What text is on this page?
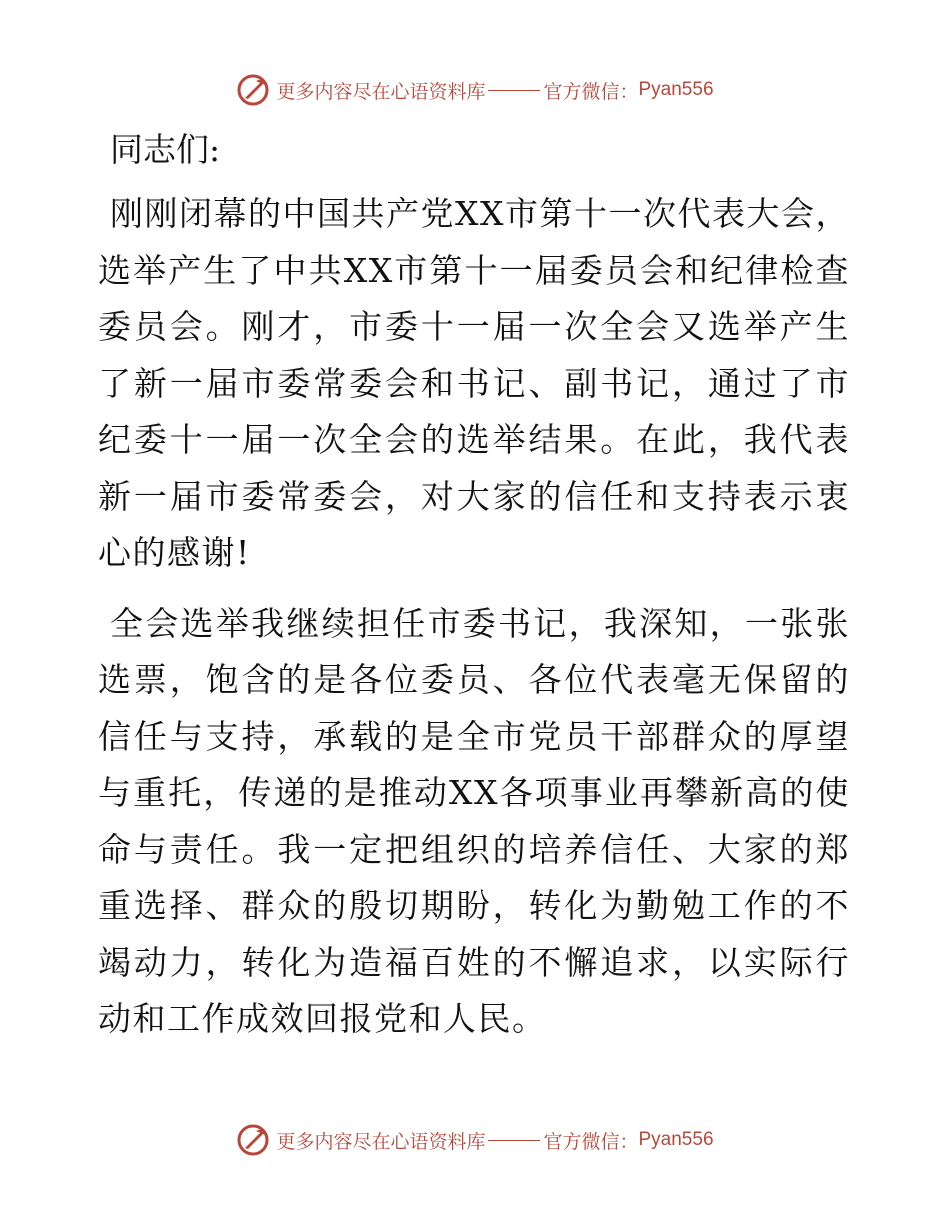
更多内容尽在心语资料库	官方微信： Pyan556

同志们:

刚刚闭幕的中国共产党XX市第十一次代表大会，选举产生了中共XX市第十一届委员会和纪律检查委员会。刚才，市委十一届一次全会又选举产生了新一届市委常委会和书记、副书记，通过了市纪委十一届一次全会的选举结果。在此，我代表新一届市委常委会，对大家的信任和支持表示衷心的感谢!

全会选举我继续担任市委书记，我深知，一张张选票，饱含的是各位委员、各位代表毫无保留的信任与支持，承载的是全市党员干部群众的厚望与重托，传递的是推动XX各项事业再攀新高的使命与责任。我一定把组织的培养信任、大家的郑重选择、群众的殷切期盼，转化为勤勉工作的不竭动力，转化为造福百姓的不懈追求，以实际行动和工作成效回报党和人民。

更多内容尽在心语资料库	官方微信： Pyan556
